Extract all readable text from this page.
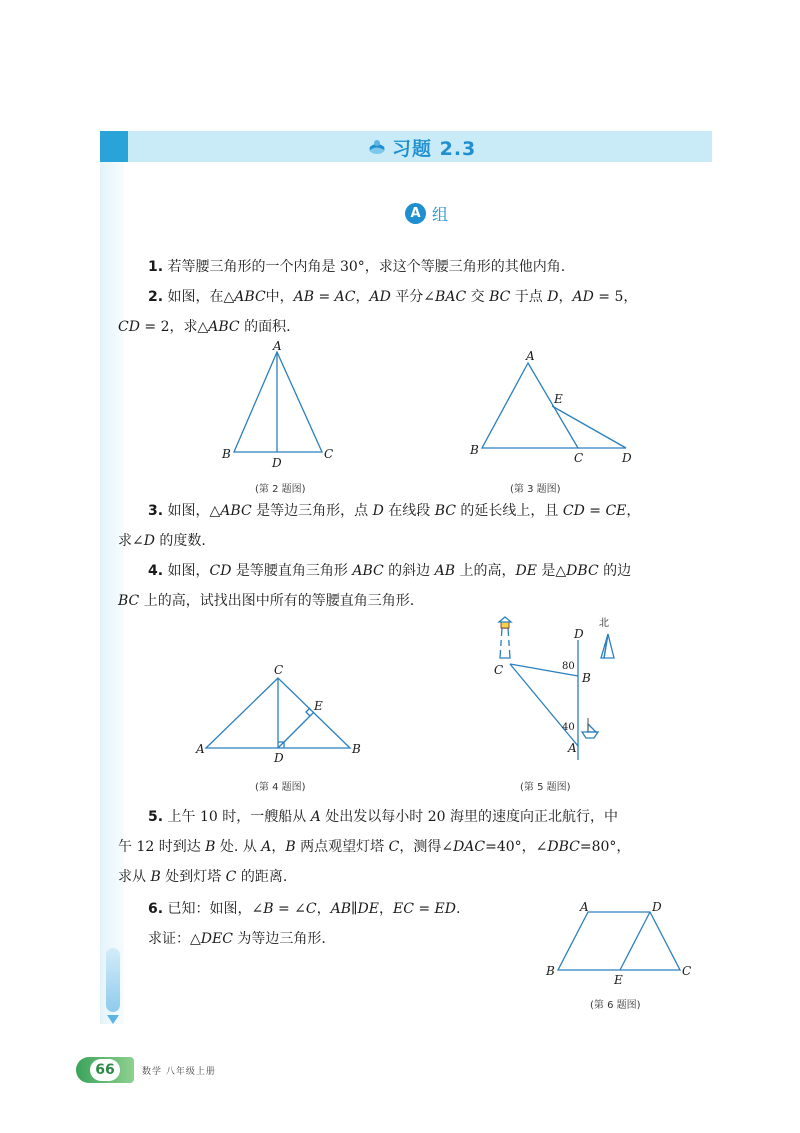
习题 2.3
A 组
1. 若等腰三角形的一个内角是 30°，求这个等腰三角形的其他内角.
2. 如图，在△ABC中，AB = AC，AD 平分∠BAC 交 BC 于点 D，AD = 5，
CD = 2，求△ABC 的面积.
A
B	C
D
(第 2 题图)
A
B
C	D
E
(第 3 题图)
3. 如图，△ABC 是等边三角形，点 D 在线段 BC 的延长线上，且 CD = CE，
求∠D 的度数.
4. 如图，CD 是等腰直角三角形 ABC 的斜边 AB 上的高，DE 是△DBC 的边
BC 上的高，试找出图中所有的等腰直角三角形.
C
A	B
D
E
(第 4 题图)
D
C
B
A
80
40
北
(第 5 题图)
5. 上午 10 时，一艘船从 A 处出发以每小时 20 海里的速度向正北航行，中
午 12 时到达 B 处. 从 A，B 两点观望灯塔 C，测得∠DAC=40°，∠DBC=80°，
求从 B 处到灯塔 C 的距离.
6. 已知：如图，∠B = ∠C，AB∥DE，EC = ED.
求证：△DEC 为等边三角形.
A	D
B	C
E
(第 6 题图)
66	数学 八年级上册
